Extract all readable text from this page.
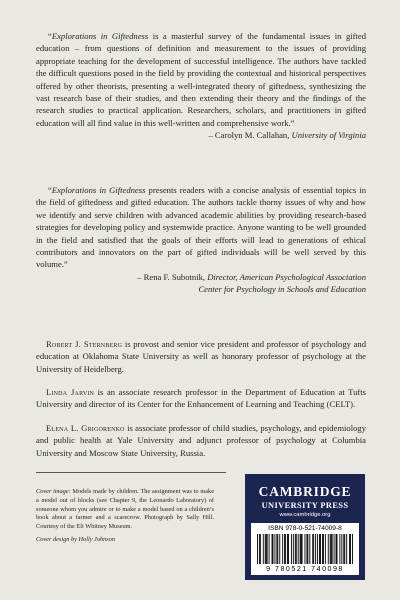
“Explorations in Giftedness is a masterful survey of the fundamental issues in gifted education – from questions of definition and measurement to the issues of providing appropriate teaching for the development of successful intelligence. The authors have tackled the difficult questions posed in the field by providing the contextual and historical perspectives offered by other theorists, presenting a well-integrated theory of giftedness, synthesizing the vast research base of their studies, and then extending their theory and the findings of the research studies to practical application. Researchers, scholars, and practitioners in gifted education will all find value in this well-written and comprehensive work.”

– Carolyn M. Callahan, University of Virginia

“Explorations in Giftedness presents readers with a concise analysis of essential topics in the field of giftedness and gifted education. The authors tackle thorny issues of why and how we identify and serve children with advanced academic abilities by providing research-based strategies for developing policy and systemwide practice. Anyone wanting to be well grounded in the field and satisfied that the goals of their efforts will lead to generations of ethical contributors and innovators on the part of gifted individuals will be well served by this volume.”

– Rena F. Subotnik, Director, American Psychological Association
Center for Psychology in Schools and Education

Robert J. Sternberg is provost and senior vice president and professor of psychology and education at Oklahoma State University as well as honorary professor of psychology at the University of Heidelberg.

Linda Jarvin is an associate research professor in the Department of Education at Tufts University and director of its Center for the Enhancement of Learning and Teaching (CELT).

Elena L. Grigorenko is associate professor of child studies, psychology, and epidemiology and public health at Yale University and adjunct professor of psychology at Columbia University and Moscow State University, Russia.

Cover image: Models made by children. The assignment was to make a model out of blocks (see Chapter 9, the Leonardo Laboratory) of someone whom you admire or to make a model based on a children’s book about a farmer and a scarecrow. Photograph by Sally Hill. Courtesy of the Eli Whitney Museum.

Cover design by Holly Johnson

CAMBRIDGE
UNIVERSITY PRESS
www.cambridge.org
ISBN 978-0-521-74009-8
9 780521 740098
